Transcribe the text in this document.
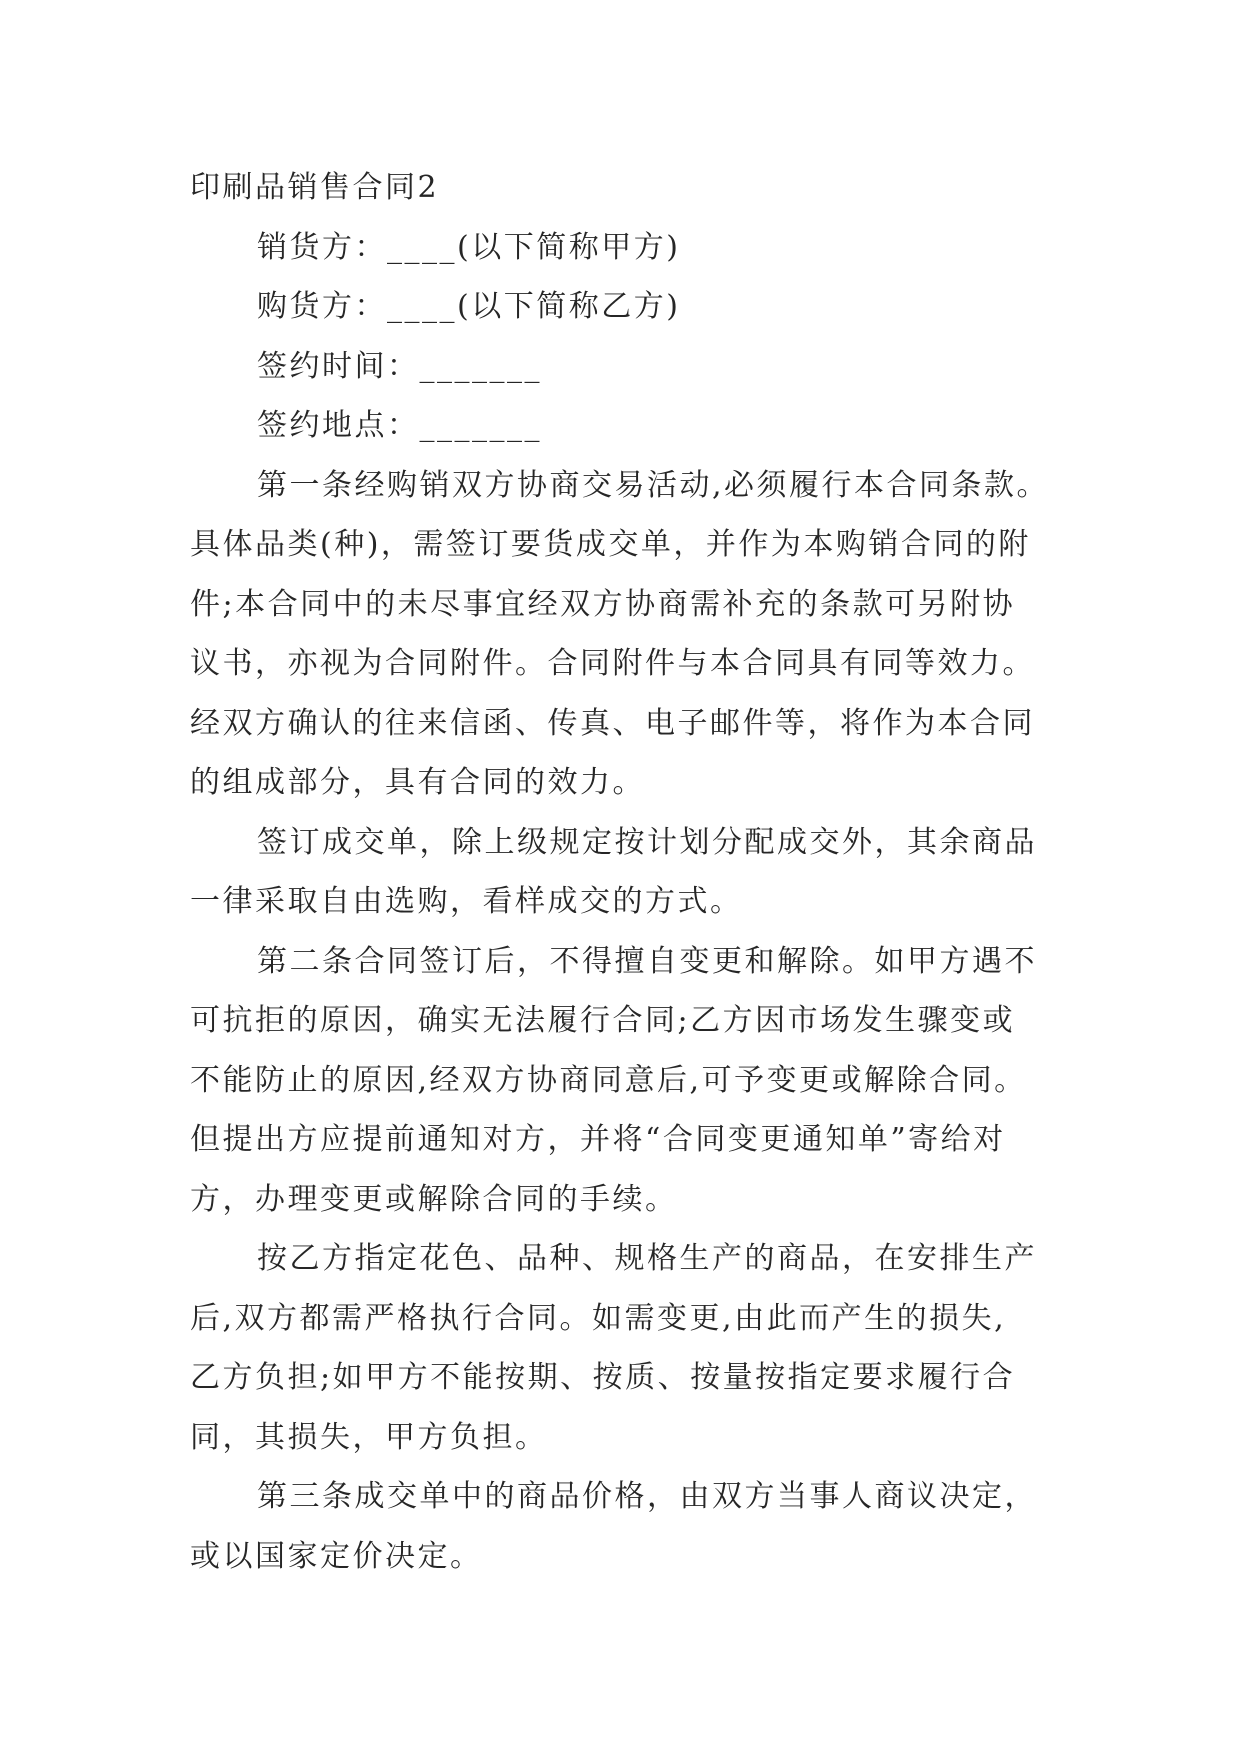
印刷品销售合同2
销货方：____(以下简称甲方)
购货方：____(以下简称乙方)
签约时间：_______
签约地点：_______
第一条经购销双方协商交易活动,必须履行本合同条款。
具体品类(种)，需签订要货成交单，并作为本购销合同的附
件;本合同中的未尽事宜经双方协商需补充的条款可另附协
议书，亦视为合同附件。合同附件与本合同具有同等效力。
经双方确认的往来信函、传真、电子邮件等，将作为本合同
的组成部分，具有合同的效力。
签订成交单，除上级规定按计划分配成交外，其余商品
一律采取自由选购，看样成交的方式。
第二条合同签订后，不得擅自变更和解除。如甲方遇不
可抗拒的原因，确实无法履行合同;乙方因市场发生骤变或
不能防止的原因,经双方协商同意后,可予变更或解除合同。
但提出方应提前通知对方，并将“合同变更通知单”寄给对
方，办理变更或解除合同的手续。
按乙方指定花色、品种、规格生产的商品，在安排生产
后,双方都需严格执行合同。如需变更,由此而产生的损失,
乙方负担;如甲方不能按期、按质、按量按指定要求履行合
同，其损失，甲方负担。
第三条成交单中的商品价格，由双方当事人商议决定，
或以国家定价决定。
